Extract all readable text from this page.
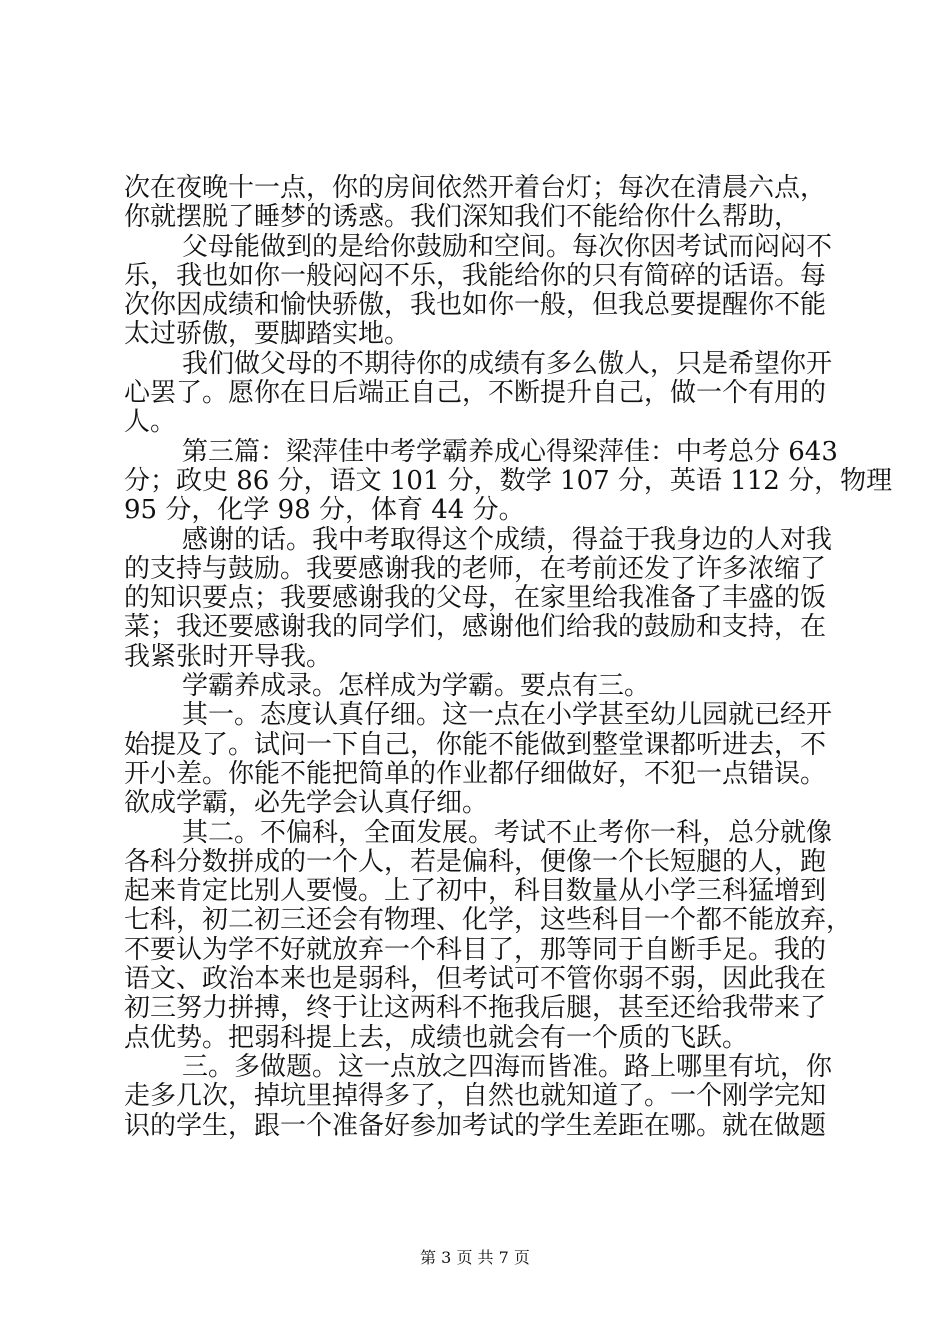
次在夜晚十一点，你的房间依然开着台灯；每次在清晨六点，
你就摆脱了睡梦的诱惑。我们深知我们不能给你什么帮助，
父母能做到的是给你鼓励和空间。每次你因考试而闷闷不
乐，我也如你一般闷闷不乐，我能给你的只有简碎的话语。每
次你因成绩和愉快骄傲，我也如你一般，但我总要提醒你不能
太过骄傲，要脚踏实地。
我们做父母的不期待你的成绩有多么傲人，只是希望你开
心罢了。愿你在日后端正自己，不断提升自己，做一个有用的
人。
第三篇：梁萍佳中考学霸养成心得梁萍佳：中考总分 643
分；政史 86 分，语文 101 分，数学 107 分，英语 112 分，物理
95 分，化学 98 分，体育 44 分。
感谢的话。我中考取得这个成绩，得益于我身边的人对我
的支持与鼓励。我要感谢我的老师，在考前还发了许多浓缩了
的知识要点；我要感谢我的父母，在家里给我准备了丰盛的饭
菜；我还要感谢我的同学们，感谢他们给我的鼓励和支持，在
我紧张时开导我。
学霸养成录。怎样成为学霸。要点有三。
其一。态度认真仔细。这一点在小学甚至幼儿园就已经开
始提及了。试问一下自己，你能不能做到整堂课都听进去，不
开小差。你能不能把简单的作业都仔细做好，不犯一点错误。
欲成学霸，必先学会认真仔细。
其二。不偏科，全面发展。考试不止考你一科，总分就像
各科分数拼成的一个人，若是偏科，便像一个长短腿的人，跑
起来肯定比别人要慢。上了初中，科目数量从小学三科猛增到
七科，初二初三还会有物理、化学，这些科目一个都不能放弃，
不要认为学不好就放弃一个科目了，那等同于自断手足。我的
语文、政治本来也是弱科，但考试可不管你弱不弱，因此我在
初三努力拼搏，终于让这两科不拖我后腿，甚至还给我带来了
点优势。把弱科提上去，成绩也就会有一个质的飞跃。
三。多做题。这一点放之四海而皆准。路上哪里有坑，你
走多几次，掉坑里掉得多了，自然也就知道了。一个刚学完知
识的学生，跟一个准备好参加考试的学生差距在哪。就在做题
第 3 页 共 7 页
